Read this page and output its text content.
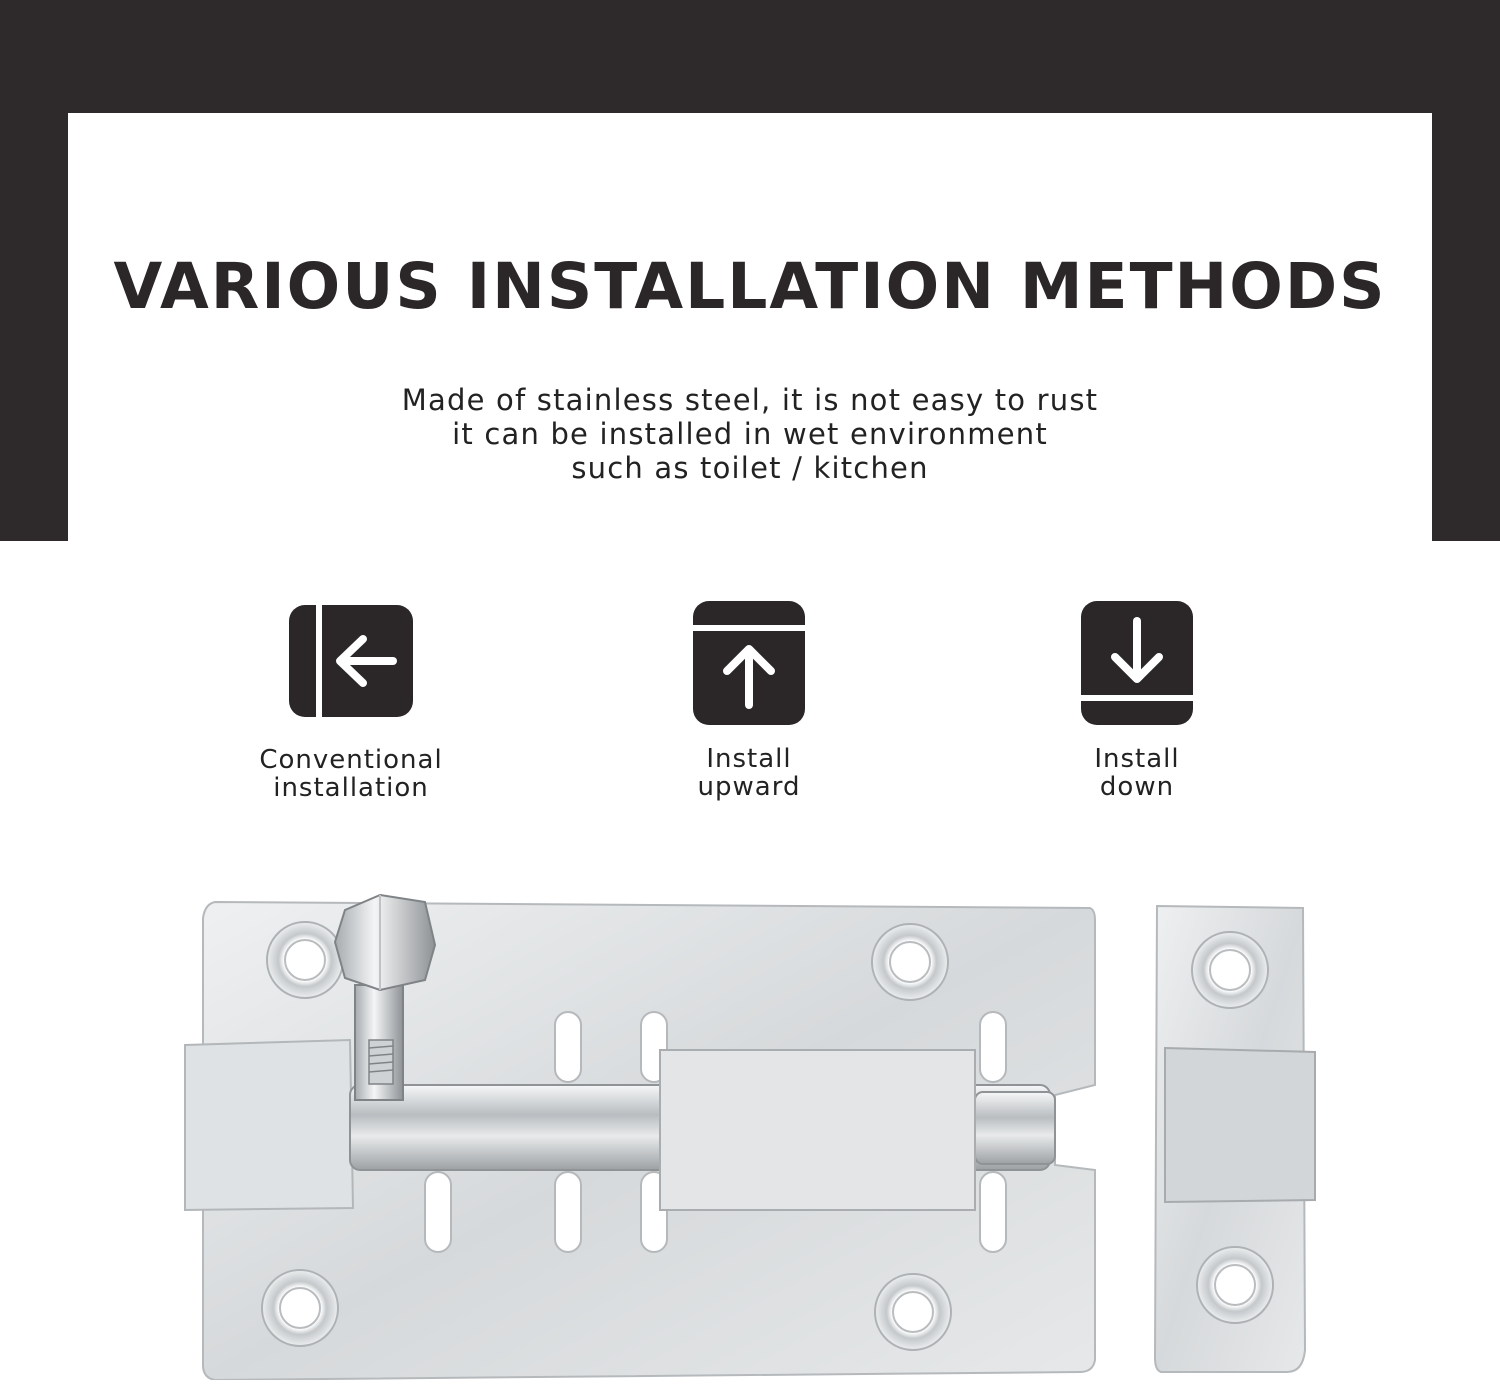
VARIOUS INSTALLATION METHODS
Made of stainless steel, it is not easy to rust
it can be installed in wet environment
such as toilet / kitchen
Conventional
installation
Install
upward
Install
down
